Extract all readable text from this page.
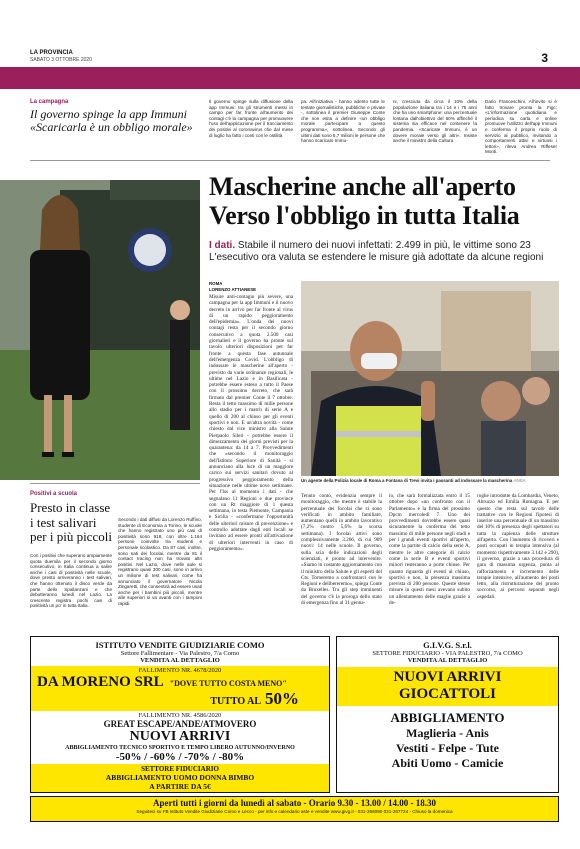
LA PROVINCIA
SABATO 3 OTTOBRE 2020	3
La campagna
Il governo spinge la app Immuni «Scaricarla è un obbligo morale»
Il governo spinge sulla diffusione della app Immuni: tra gli strumenti messi in campo per far fronte all'aumento dei contagi c'è la campagna per promuovere l'uso dell'applicazione per il tracciamento dei positivi al coronavirus che dal mese di luglio ha fatto i conti con le ostilità
pa. All'iniziativa - hanno aderito tutte le testate giornalistiche, pubbliche e private -, sottolinea il premier Giuseppe Conte che non esita a definire «un obbligo morale partecipare a questo programma», sottolinea. Secondo gli ultimi dati sono 6,7 milioni le persone che hanno scaricato Immu-
ni, cresciuta da circa il 10% della popolazione italiana tra i 14 e i 75 anni che ha uno smartphone: una percentuale lontana dall'obiettivo del 60% affinché il sistema sia efficace nel contenere la pandemia. «Scaricate Immuni, è un dovere morale verso gli altri». Insiste anche il ministro della Cultura
Dario Franceschini. All'invito si è fatto trovare pronta la Figc: «L'informazione quotidiana e periodica su carta e online promuove l'utilizzo dell'app Immuni e conferma il proprio ruolo di servizio al pubblico, invitando a comportamenti attivi e virtuosi i lettori», rileva Andrea Riffeser Monti.
Positivi a scuola
Presto in classe i test salivari per i più piccoli
Con i positivi che superano ampiamente quota duemila per il secondo giorno consecutivo, in Italia continua a salire anche i casi di positività nelle scuole, dove presto arriveranno i test salivari, che hanno ottenuto il disco verde da parte dello Spallanzani e che debutteranno lunedì nel Lazio. La crescente registra pochi casi di positività un po' in tutta Italia.
Secondo i dati diffusi da Lorenzo Ruffino, studente di Economia a Torino, le scuole che hanno registrato uno più casi di positività sono 918, con oltre 1.164 persone coinvolte tra studenti e personale scolastico. Da 87 casi, inoltre, sono nati dei focolai, mentre da 81 il contact tracing non ha trovato altri positivi. Nel Lazio, dove nelle aule si registrano quasi 300 casi, sono in arrivo un milione di test salivari, come ha annunciato il governatore Nicola Zingaretti, che consentirà ad essere usati anche per i bambini più piccoli, mentre alle superiori si va avanti con i tamponi rapidi.
Mascherine anche all'aperto
Verso l'obbligo in tutta Italia
I dati. Stabile il numero dei nuovi infettati: 2.499 in più, le vittime sono 23
L'esecutivo ora valuta se estendere le misure già adottate da alcune regioni
ROMA
LORENZO ATTIANESE
Misure anti-contagio più severe, una campagna per la app Immuni e il nuovo decreto in arrivo per far fronte al virus di un rapido peggioramento dell'epidemia». L'onda dei nuovi contagi resta per il secondo giorno consecutivo a quota 2.500 casi giornalieri e il governo ha pronte sul tavolo ulteriori disposizioni per far fronte a questa fase autunnale dell'emergenza Covid. L'obbligo di indossare le mascherine all'aperto - previsto da varie ordinanze regionali, le ultime nel Lazio e in Basilicata - potrebbe essere esteso a tutto il Paese con il prossimo decreto, che sarà firmato dal premier Conte il 7 ottobre. Resta il tetto massimo di mille persone allo stadio per i match di serie A e quello di 200 al chiuso per gli eventi sportivi e non. E un'altra novità - come chiesto dal vice ministro alla Salute Pierpaolo Sileri - potrebbe essere il dimezzamento dei giorni previsti per la quarantena: da 14 a 7. Provvedimenti che «secondo il monitoraggio dell'Istituto Superiore di Sanità - si annunciano alla luce di un maggiore carico sui servizi sanitari dovuto al progressivo peggioramento della situazione nelle ultime nove settimane. Per l'Iss al momento i dati - che segnalano 11 Regioni e due province con un Rt maggiore di 1 questa settimana, in testa Piemonte, Campania e Sicilia - «confermano l'opportunità delle ulteriori misure di prevenzione» e controllo adottate dagli enti locali se invitano ad essere pronti all'attivazione di ulteriori interventi in caso di peggioramento».
Un agente della Polizia locale di Roma a Fontana di Trevi invita i passanti ad indossare la mascherina ANSA
Tenuto conto, evidenzia sempre il monitoraggio, che mentre è stabile la percentuale dei focolai che si sono verificati in ambito familiare, aumentano quelli in ambito lavorativo (7,2% contro 5,6% la scorsa settimana). I focolai attivi sono complessivamente 3.266, di cui 909 nuovi: 14 nelle scuole. Il governo, sulla scia delle indicazioni degli scienziati, è pronto ad intervenire. «Siamo in costante aggiornamento con il ministro della Salute e gli esperti del Cts. Torneremo a confrontarci con le Regioni e delibereremo», spiega Conte da Bruxelles. Tra gli step imminenti del governo c'è la proroga dello stato di emergenza fino al 31 genna-
io, che sarà formalizzata entro il 15 ottobre dopo «un confronto con il Parlamento» e la firma del prossimo Dpcm mercoledì 7. Uno dei provvedimenti dovrebbe essere quasi sicuramente la conferma del tetto massimo di mille persone negli stadi e per i grandi eventi sportivi all'aperto, come la partite di calcio della serie A, mentre le altre categorie di calcio come la serie B e eventi sportivi minori resteranno a porte chiuse. Per quanto riguarda gli eventi al chiuso, sportivi e non, la presenza massima prevista di 200 persone. Queste stesse misure in questi mesi avevano subito un allentamento delle maglie grazie a de-
roghe introdotte da Lombardia, Veneto, Abruzzo ed Emilia Romagna. E per questo che resta sul tavolo delle trattative con le Regioni l'ipotesi di inserire una percentuale di un massimo del 10% di presenza degli spettatori su tutta la capienza delle strutture all'aperto. Con l'aumento di ricoveri e posti occupati in terapia intensiva (al momento rispettivamente 3.142 e 290), il governo, grazie a una procedura di gara di massima urgenza, punta al rafforzamento e incremento delle terapie intensive, all'aumento dei posti letto, alla ristrutturazione dei pronto soccorso, ai percorsi separati negli ospedali.
ISTITUTO VENDITE GIUDIZIARIE COMO
Settore Fallimentare - Via Palestro, 7/a Como
VENDITA AL DETTAGLIO
FALLIMENTO NR. 4678/2020
DA MORENO SRL "DOVE TUTTO COSTA MENO"
TUTTO AL 50%
FALLIMENTO NR. 4586/2020
GREAT ESCAPE/ANDE/ATMOVERO
NUOVI ARRIVI
ABBIGLIAMENTO TECNICO SPORTIVO E TEMPO LIBERO AUTUNNO/INVERNO
-50% / -60% / -70% / -80%
SETTORE FIDUCIARIO
ABBIGLIAMENTO UOMO DONNA BIMBO
A PARTIRE DA 5€
G.I.V.G. S.r.l.
SETTORE FIDUCIARIO - VIA PALESTRO, 7/a COMO
VENDITA AL DETTAGLIO
NUOVI ARRIVI
GIOCATTOLI
ABBIGLIAMENTO
Maglieria - Anis
Vestiti - Felpe - Tute
Abiti Uomo - Camicie
Aperti tutti i giorni da lunedì al sabato - Orario 9.30 - 13.00 / 14.00 - 18.30
Seguiteci su FB Istituto Vendite Giudiziarie Como e Lecco - per info e calendario aste e vendite www.givg.it - 031-266090 031-267724 - Chiuso la domenica
